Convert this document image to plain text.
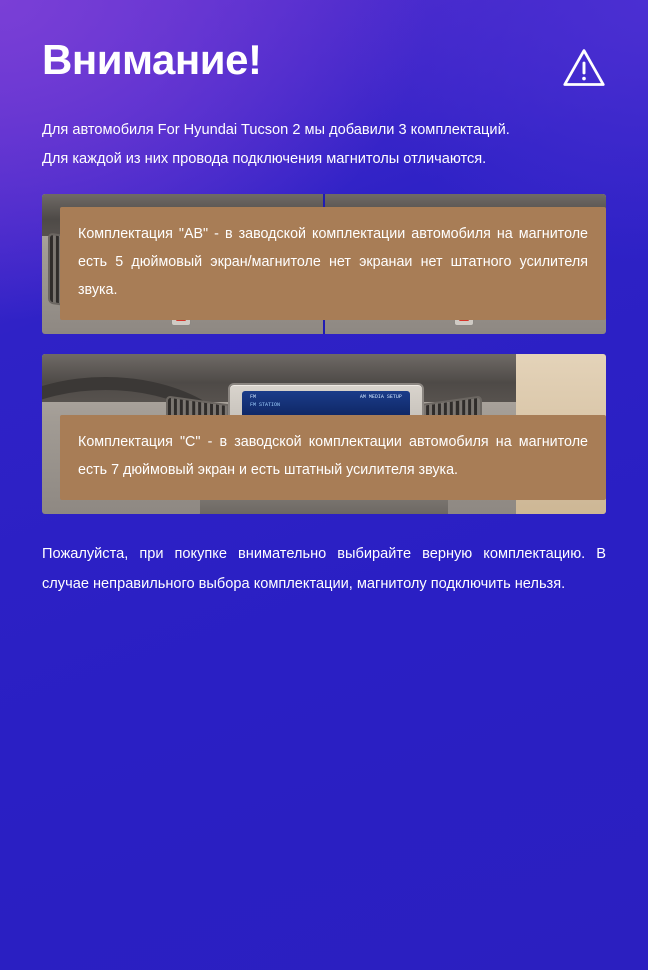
Внимание!

Для автомобиля For Hyundai Tucson 2 мы добавили 3 комплектаций.

Для каждой из них провода подключения магнитолы отличаются.

Комплектация "AB" - в заводской комплектации автомобиля на магнитоле есть 5 дюймовый экран/магнитоле нет экранаи нет штатного усилителя звука.

FM	AM MEDIA SETUP
FM STATION

Комплектация "C" - в заводской комплектации автомобиля на магнитоле есть 7 дюймовый экран и есть штатный усилителя звука.

Пожалуйста, при покупке внимательно выбирайте верную комплектацию. В случае неправильного выбора комплектации, магнитолу подключить нельзя.
